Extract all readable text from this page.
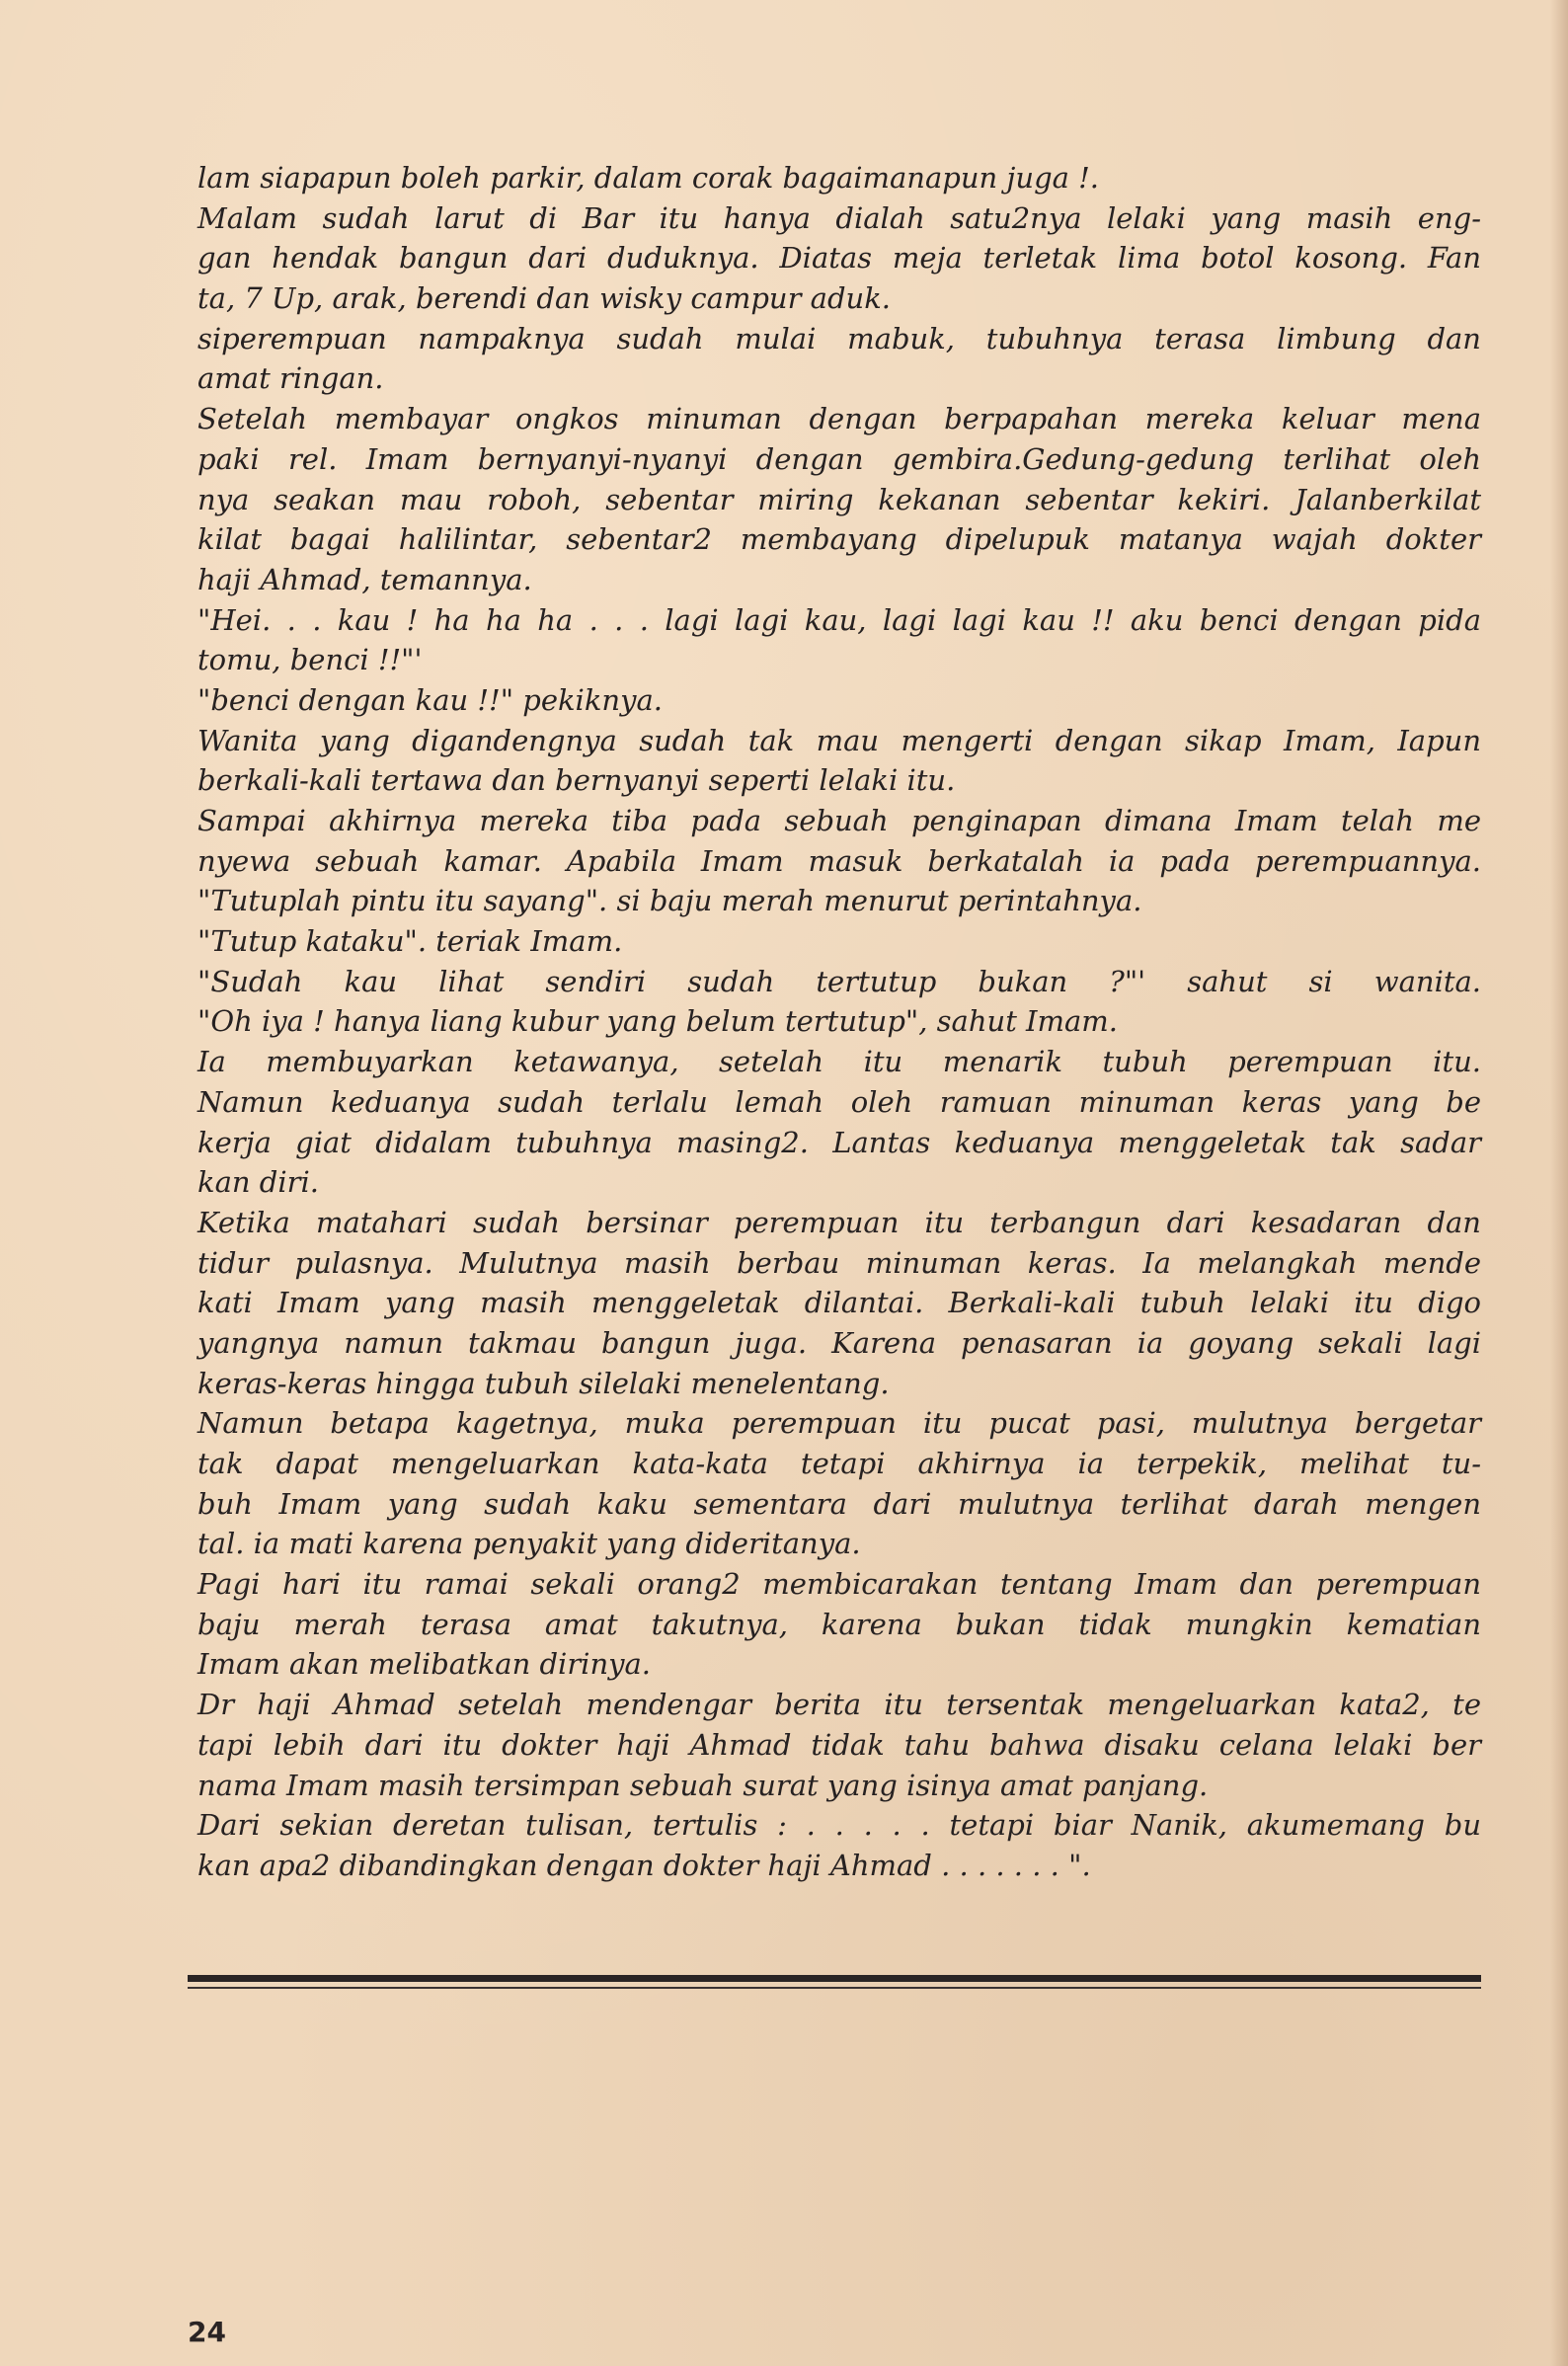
lam siapapun boleh parkir, dalam corak bagaimanapun juga !.
Malam sudah larut di Bar itu hanya dialah satu2nya lelaki yang masih eng-
gan hendak bangun dari duduknya. Diatas meja terletak lima botol kosong. Fan
ta, 7 Up, arak, berendi dan wisky campur aduk.
siperempuan nampaknya sudah mulai mabuk, tubuhnya terasa limbung dan
amat ringan.
Setelah membayar ongkos minuman dengan berpapahan mereka keluar mena
paki rel. Imam bernyanyi-nyanyi dengan gembira.Gedung-gedung terlihat oleh
nya seakan mau roboh, sebentar miring kekanan sebentar kekiri. Jalanberkilat
kilat bagai halilintar, sebentar2 membayang dipelupuk matanya wajah dokter
haji Ahmad, temannya.
"Hei. . . kau ! ha ha ha . . . lagi lagi kau, lagi lagi kau !! aku benci dengan pida
tomu, benci !!"'
"benci dengan kau !!" pekiknya.
Wanita yang digandengnya sudah tak mau mengerti dengan sikap Imam, Iapun
berkali-kali tertawa dan bernyanyi seperti lelaki itu.
Sampai akhirnya mereka tiba pada sebuah penginapan dimana Imam telah me
nyewa sebuah kamar. Apabila Imam masuk berkatalah ia pada perempuannya.
"Tutuplah pintu itu sayang". si baju merah menurut perintahnya.
"Tutup kataku". teriak Imam.
"Sudah kau lihat sendiri sudah tertutup bukan ?"' sahut si wanita.
"Oh iya ! hanya liang kubur yang belum tertutup", sahut Imam.
Ia membuyarkan ketawanya, setelah itu menarik tubuh perempuan itu.
Namun keduanya sudah terlalu lemah oleh ramuan minuman keras yang be
kerja giat didalam tubuhnya masing2. Lantas keduanya menggeletak tak sadar
kan diri.
Ketika matahari sudah bersinar perempuan itu terbangun dari kesadaran dan
tidur pulasnya. Mulutnya masih berbau minuman keras. Ia melangkah mende
kati Imam yang masih menggeletak dilantai. Berkali-kali tubuh lelaki itu digo
yangnya namun takmau bangun juga. Karena penasaran ia goyang sekali lagi
keras-keras hingga tubuh silelaki menelentang.
Namun betapa kagetnya, muka perempuan itu pucat pasi, mulutnya bergetar
tak dapat mengeluarkan kata-kata tetapi akhirnya ia terpekik, melihat tu-
buh Imam yang sudah kaku sementara dari mulutnya terlihat darah mengen
tal. ia mati karena penyakit yang dideritanya.
Pagi hari itu ramai sekali orang2 membicarakan tentang Imam dan perempuan
baju merah terasa amat takutnya, karena bukan tidak mungkin kematian
Imam akan melibatkan dirinya.
Dr haji Ahmad setelah mendengar berita itu tersentak mengeluarkan kata2, te
tapi lebih dari itu dokter haji Ahmad tidak tahu bahwa disaku celana lelaki ber
nama Imam masih tersimpan sebuah surat yang isinya amat panjang.
Dari sekian deretan tulisan, tertulis : . . . . . tetapi biar Nanik, akumemang bu
kan apa2 dibandingkan dengan dokter haji Ahmad . . . . . . . ".
24
